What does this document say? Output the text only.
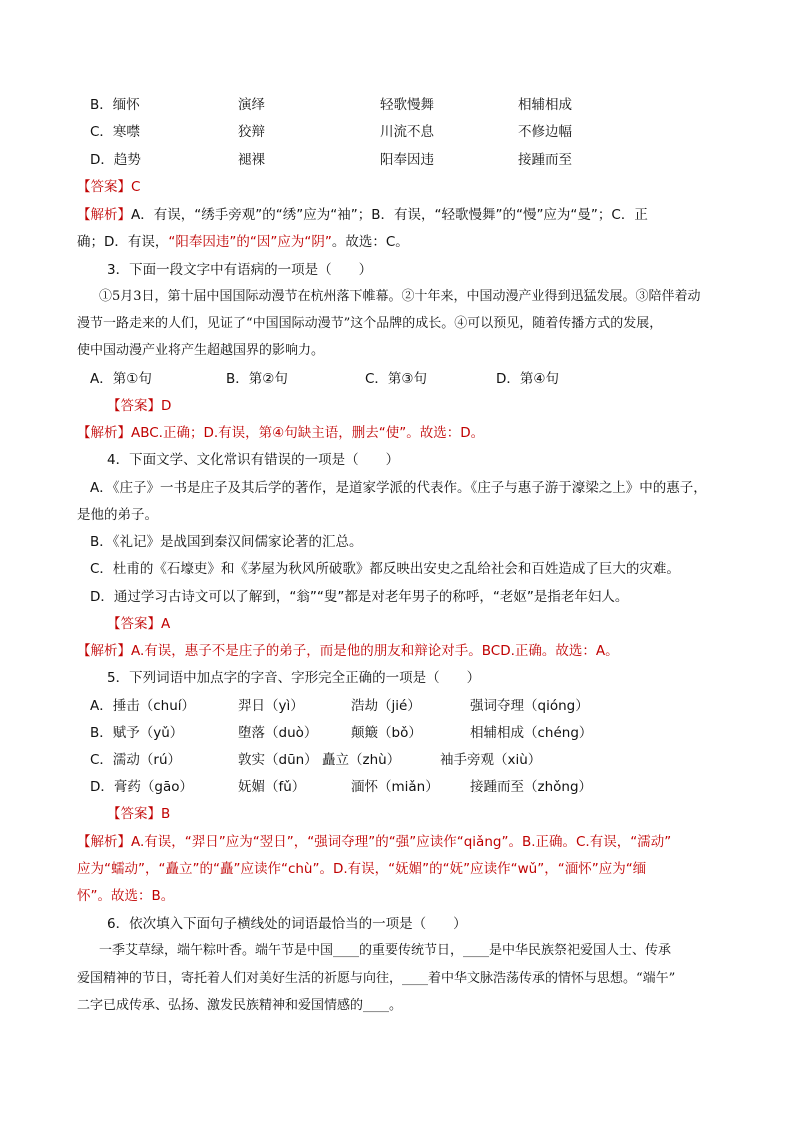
B．缅怀	演绎	轻歌慢舞	相辅相成
C．寒噤	狡辩	川流不息	不修边幅
D．趋势	褪裸	阳奉因违	接踵而至
【答案】C
【解析】A．有误，“绣手旁观”的“绣”应为“袖”；B．有误，“轻歌慢舞”的“慢”应为“曼”；C．正
确；D．有误，“阳奉因违”的“因”应为“阴”。故选：C。
3．下面一段文字中有语病的一项是（　　）
①5月3日，第十届中国国际动漫节在杭州落下帷幕。②十年来，中国动漫产业得到迅猛发展。③陪伴着动
漫节一路走来的人们，见证了“中国国际动漫节”这个品牌的成长。④可以预见，随着传播方式的发展，
使中国动漫产业将产生超越国界的影响力。
A．第①句	B．第②句	C．第③句	D．第④句
【答案】D
【解析】ABC.正确；D.有误，第④句缺主语，删去“使”。故选：D。
4．下面文学、文化常识有错误的一项是（　　）
A．《庄子》一书是庄子及其后学的著作，是道家学派的代表作。《庄子与惠子游于濠梁之上》中的惠子，
是他的弟子。
B．《礼记》是战国到秦汉间儒家论著的汇总。
C．杜甫的《石壕吏》和《茅屋为秋风所破歌》都反映出安史之乱给社会和百姓造成了巨大的灾难。
D．通过学习古诗文可以了解到，“翁”“叟”都是对老年男子的称呼，“老妪”是指老年妇人。
【答案】A
【解析】A.有误，惠子不是庄子的弟子，而是他的朋友和辩论对手。BCD.正确。故选：A。
5．下列词语中加点字的字音、字形完全正确的一项是（　　）
A．捶击（chuí）	羿日（yì）	浩劫（jié）	强词夺理（qióng）
B．赋予（yǔ）	堕落（duò） 颠簸（bǒ）	相辅相成（chéng）
C．濡动（rú）	敦实（dūn） 矗立（zhù）	袖手旁观（xiù）
D．膏药（gāo）	妩媚（fǔ）	湎怀（miǎn） 接踵而至（zhǒng）
【答案】B
【解析】A.有误，“羿日”应为“翌日”，“强词夺理”的“强”应读作“qiǎng”。B.正确。C.有误，“濡动”
应为“蠕动”，“矗立”的“矗”应读作“chù”。D.有误，“妩媚”的“妩”应读作“wǔ”，“湎怀”应为“缅
怀”。故选：B。
6．依次填入下面句子横线处的词语最恰当的一项是（　　）
一季艾草绿，端午粽叶香。端午节是中国____的重要传统节日，____是中华民族祭祀爱国人士、传承
爱国精神的节日，寄托着人们对美好生活的祈愿与向往，____着中华文脉浩荡传承的情怀与思想。“端午”
二字已成传承、弘扬、激发民族精神和爱国情感的____。
